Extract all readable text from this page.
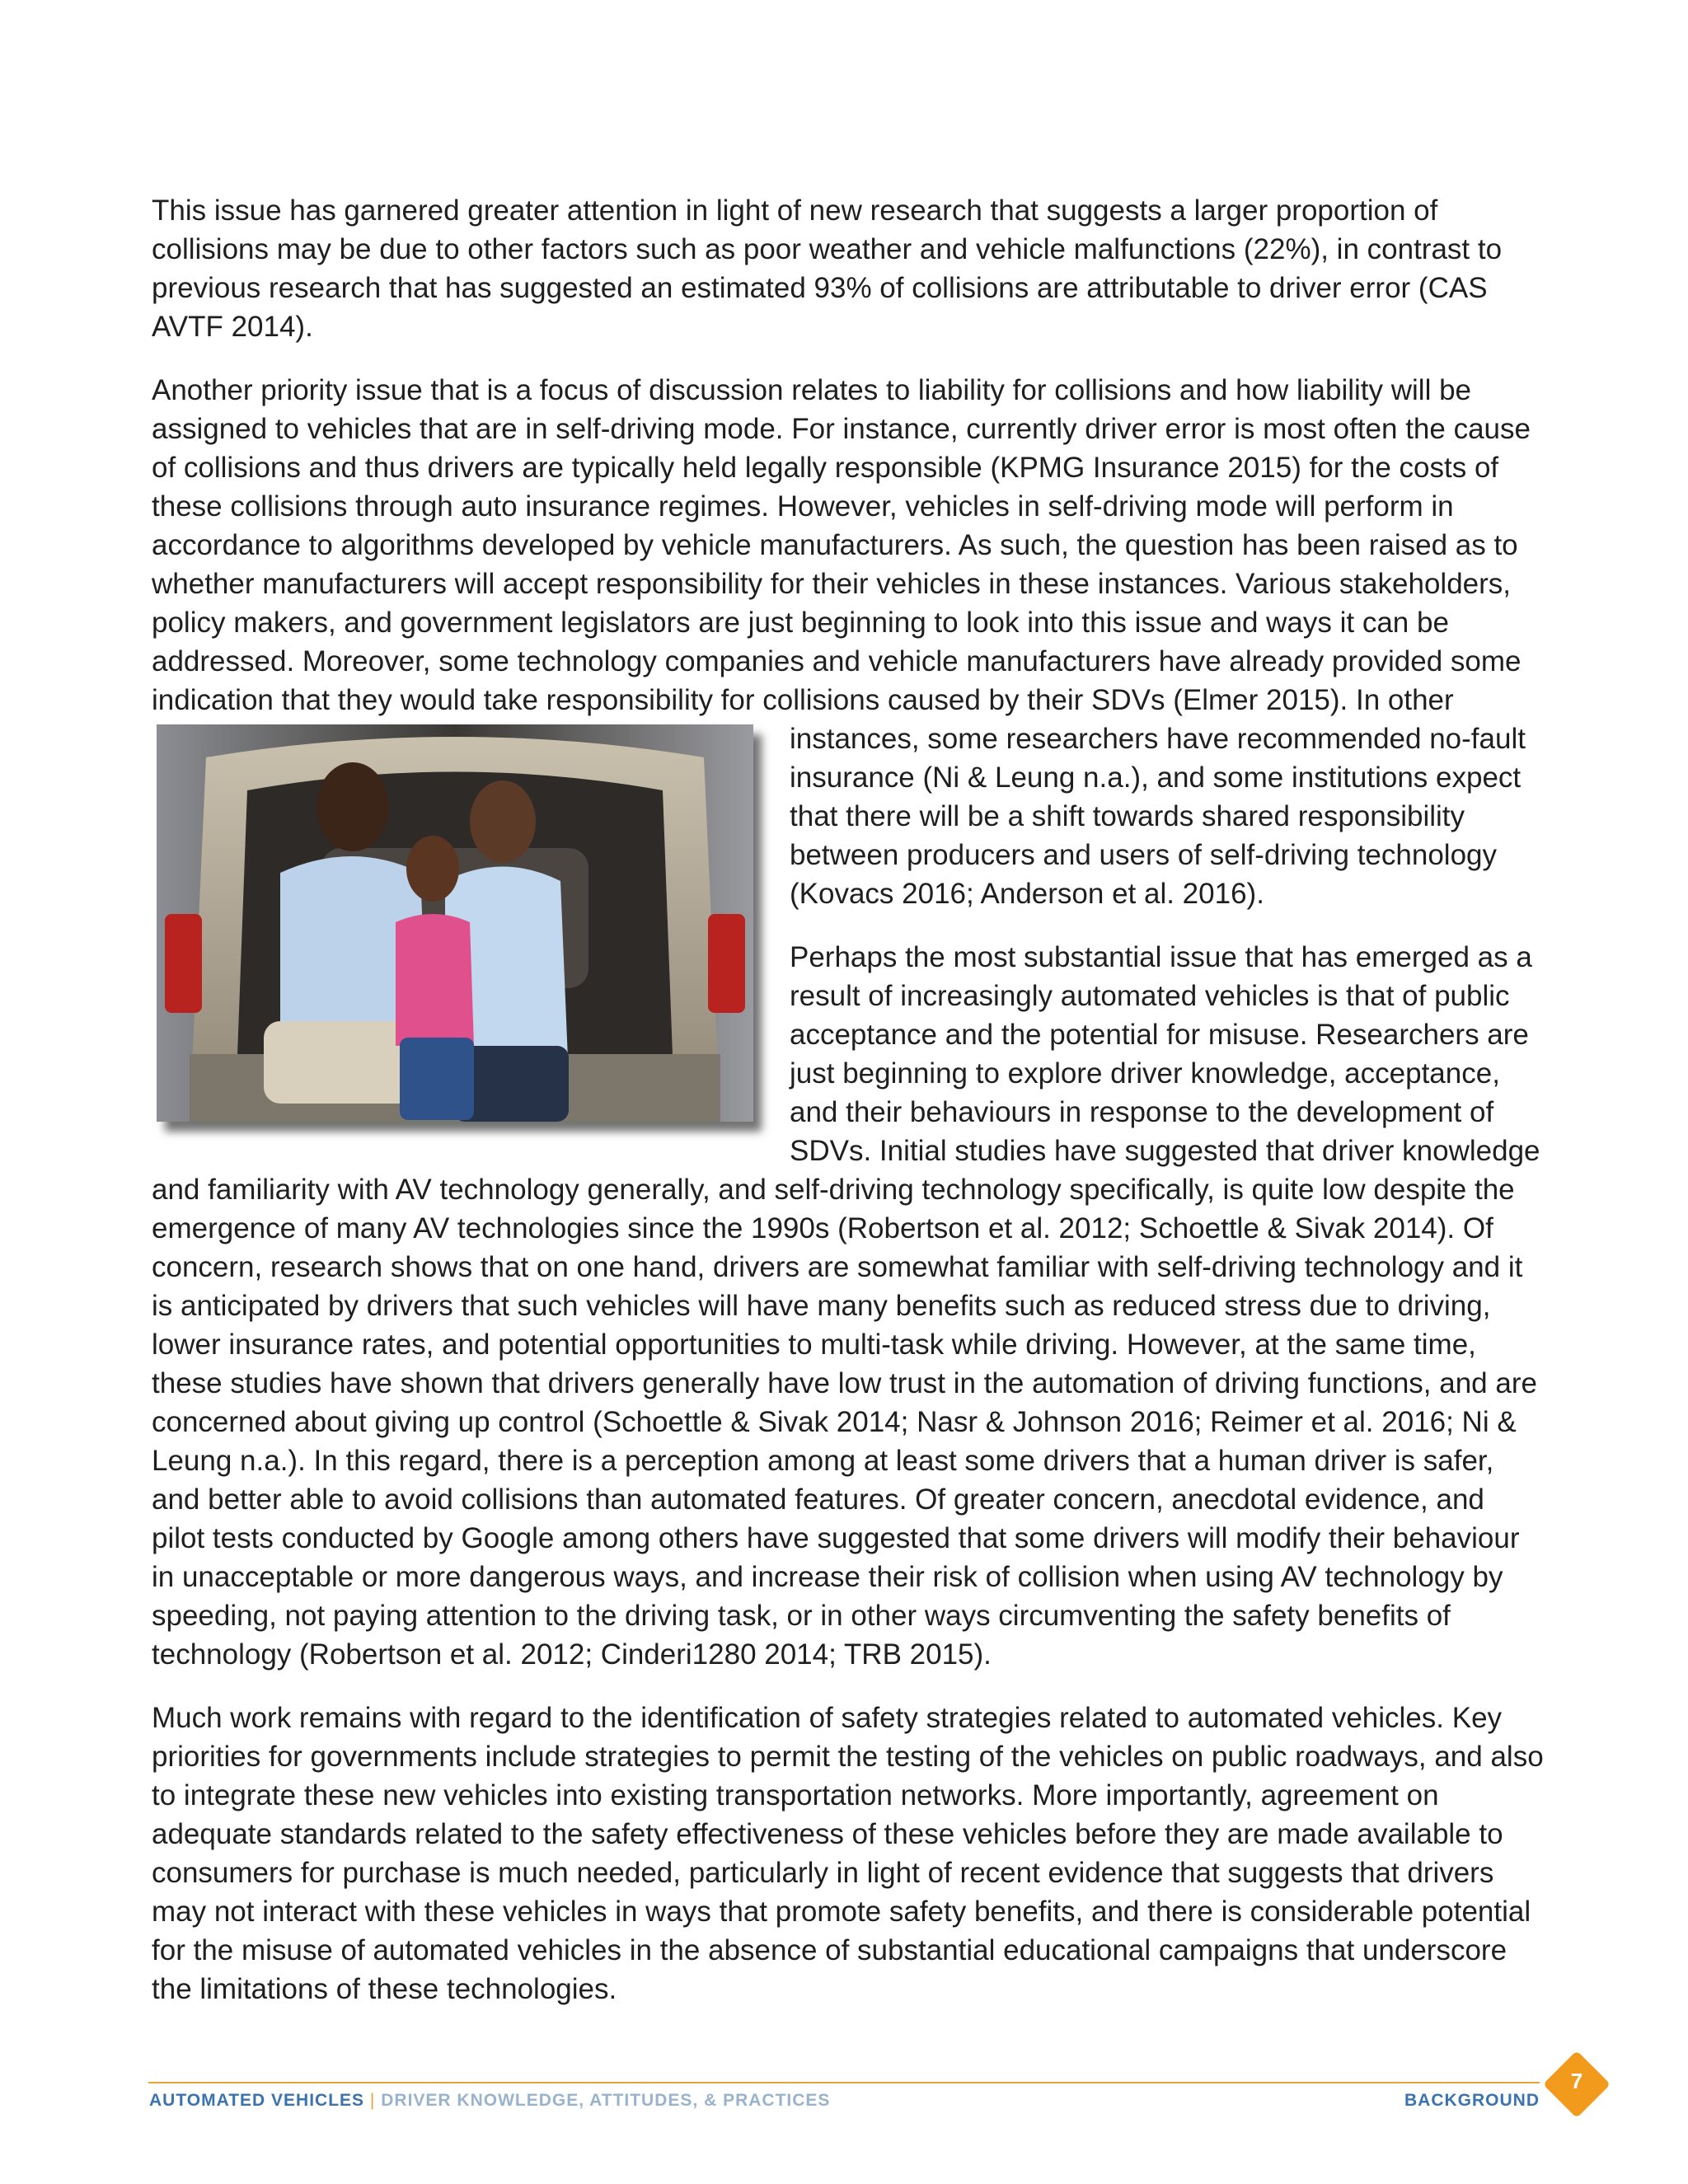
This issue has garnered greater attention in light of new research that suggests a larger proportion of collisions may be due to other factors such as poor weather and vehicle malfunctions (22%), in contrast to previous research that has suggested an estimated 93% of collisions are attributable to driver error (CAS AVTF 2014).

Another priority issue that is a focus of discussion relates to liability for collisions and how liability will be assigned to vehicles that are in self-driving mode. For instance, currently driver error is most often the cause of collisions and thus drivers are typically held legally responsible (KPMG Insurance 2015) for the costs of these collisions through auto insurance regimes. However, vehicles in self-driving mode will perform in accordance to algorithms developed by vehicle manufacturers. As such, the question has been raised as to whether manufacturers will accept responsibility for their vehicles in these instances. Various stakeholders, policy makers, and government legislators are just beginning to look into this issue and ways it can be addressed. Moreover, some technology companies and vehicle manufacturers have already provided some indication that they would take responsibility for collisions caused by their SDVs (Elmer 2015). In other

instances, some researchers have recommended no-fault insurance (Ni & Leung n.a.), and some institutions expect that there will be a shift towards shared responsibility between producers and users of self-driving technology (Kovacs 2016; Anderson et al. 2016).

Perhaps the most substantial issue that has emerged as a result of increasingly automated vehicles is that of public acceptance and the potential for misuse. Researchers are just beginning to explore driver knowledge, acceptance, and their behaviours in response to the development of SDVs. Initial studies have suggested that driver knowledge and familiarity with AV technology generally, and self-driving technology specifically, is quite low despite the emergence of many AV technologies since the 1990s (Robertson et al. 2012; Schoettle & Sivak 2014). Of concern, research shows that on one hand, drivers are somewhat familiar with self-driving technology and it is anticipated by drivers that such vehicles will have many benefits such as reduced stress due to driving, lower insurance rates, and potential opportunities to multi-task while driving. However, at the same time, these studies have shown that drivers generally have low trust in the automation of driving functions, and are concerned about giving up control (Schoettle & Sivak 2014; Nasr & Johnson 2016; Reimer et al. 2016; Ni & Leung n.a.). In this regard, there is a perception among at least some drivers that a human driver is safer, and better able to avoid collisions than automated features. Of greater concern, anecdotal evidence, and pilot tests conducted by Google among others have suggested that some drivers will modify their behaviour in unacceptable or more dangerous ways, and increase their risk of collision when using AV technology by speeding, not paying attention to the driving task, or in other ways circumventing the safety benefits of technology (Robertson et al. 2012; Cinderi1280 2014; TRB 2015).

Much work remains with regard to the identification of safety strategies related to automated vehicles. Key priorities for governments include strategies to permit the testing of the vehicles on public roadways, and also to integrate these new vehicles into existing transportation networks. More importantly, agreement on adequate standards related to the safety effectiveness of these vehicles before they are made available to consumers for purchase is much needed, particularly in light of recent evidence that suggests that drivers may not interact with these vehicles in ways that promote safety benefits, and there is considerable potential for the misuse of automated vehicles in the absence of substantial educational campaigns that underscore the limitations of these technologies.

AUTOMATED VEHICLES | DRIVER KNOWLEDGE, ATTITUDES, & PRACTICES	BACKGROUND
7
